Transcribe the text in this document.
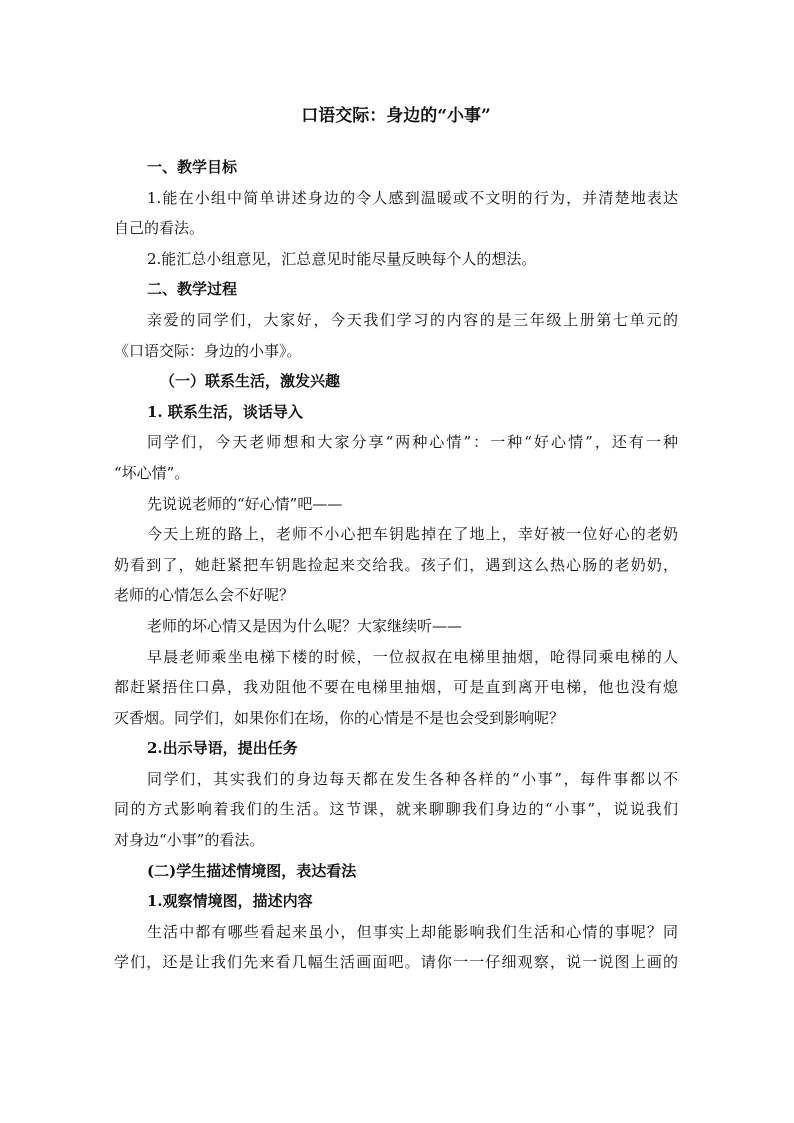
口语交际：身边的“小事”

一、教学目标

1.能在小组中简单讲述身边的令人感到温暖或不文明的行为，并清楚地表达

自己的看法。

2.能汇总小组意见，汇总意见时能尽量反映每个人的想法。

二、教学过程

亲爱的同学们，大家好，今天我们学习的内容的是三年级上册第七单元的

《口语交际：身边的小事》。

（一）联系生活，激发兴趣

1. 联系生活，谈话导入

同学们，今天老师想和大家分享“两种心情”：一种“好心情”，还有一种

“坏心情”。

先说说老师的“好心情”吧——

今天上班的路上，老师不小心把车钥匙掉在了地上，幸好被一位好心的老奶

奶看到了，她赶紧把车钥匙捡起来交给我。孩子们，遇到这么热心肠的老奶奶，

老师的心情怎么会不好呢？

老师的坏心情又是因为什么呢？大家继续听——

早晨老师乘坐电梯下楼的时候，一位叔叔在电梯里抽烟，呛得同乘电梯的人

都赶紧捂住口鼻，我劝阻他不要在电梯里抽烟，可是直到离开电梯，他也没有熄

灭香烟。同学们，如果你们在场，你的心情是不是也会受到影响呢？

2.出示导语，提出任务

同学们，其实我们的身边每天都在发生各种各样的“小事”，每件事都以不

同的方式影响着我们的生活。这节课，就来聊聊我们身边的“小事”，说说我们

对身边“小事”的看法。

(二)学生描述情境图，表达看法

1.观察情境图，描述内容

生活中都有哪些看起来虽小，但事实上却能影响我们生活和心情的事呢？同

学们，还是让我们先来看几幅生活画面吧。请你一一仔细观察，说一说图上画的
